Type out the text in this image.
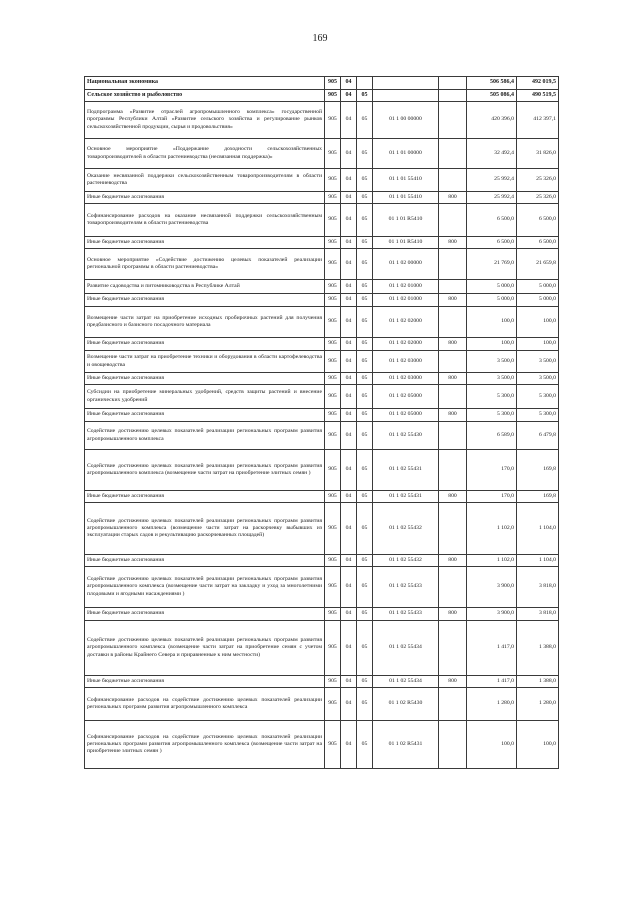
169
Национальная экономика	905	04				506 586,4	492 019,5
Сельское хозяйство и рыболовство	905	04	05			505 086,4	490 519,5
Подпрограмма «Развитие отраслей агропромышленного комплекса» государственной программы Республики Алтай «Развитие сельского хозяйства и регулирование рынков сельскохозяйственной продукции, сырья и продовольствия»	905	04	05	01 1 00 00000		420 396,0	412 397,1
Основное мероприятие «Поддержание доходности сельскохозяйственных товаропроизводителей в области растениеводства (несвязанная поддержка)»	905	04	05	01 1 01 00000		32 492,4	31 826,0
Оказание несвязанной поддержки сельскохозяйственным товаропроизводителям в области растениеводства	905	04	05	01 1 01 55410		25 992,4	25 326,0
Иные бюджетные ассигнования	905	04	05	01 1 01 55410	800	25 992,4	25 326,0
Софинансирование расходов на оказание несвязанной поддержки сельскохозяйственным товаропроизводителям в области растениеводства	905	04	05	01 1 01 R5410		6 500,0	6 500,0
Иные бюджетные ассигнования	905	04	05	01 1 01 R5410	800	6 500,0	6 500,0
Основное мероприятие «Содействие достижению целевых показателей реализации региональной программы в области растениеводства»	905	04	05	01 1 02 00000		21 769,0	21 659,8
Развитие садоводства и питомниководства в Республике Алтай	905	04	05	01 1 02 01000		5 000,0	5 000,0
Иные бюджетные ассигнования	905	04	05	01 1 02 01000	800	5 000,0	5 000,0
Возмещение части затрат на приобретение исходных пробирочных растений для получения предбазисного и базисного посадочного материала	905	04	05	01 1 02 02000		100,0	100,0
Иные бюджетные ассигнования	905	04	05	01 1 02 02000	800	100,0	100,0
Возмещение части затрат на приобретение техники и оборудования в области картофелеводства и овощеводства	905	04	05	01 1 02 03000		3 500,0	3 500,0
Иные бюджетные ассигнования	905	04	05	01 1 02 03000	800	3 500,0	3 500,0
Субсидии на приобретение минеральных удобрений, средств защиты растений и внесение органических удобрений	905	04	05	01 1 02 05000		5 300,0	5 300,0
Иные бюджетные ассигнования	905	04	05	01 1 02 05000	800	5 300,0	5 300,0
Содействие достижению целевых показателей реализации региональных программ развития агропромышленного комплекса	905	04	05	01 1 02 55430		6 589,0	6 479,8
Содействие достижению целевых показателей реализации региональных программ развития агропромышленного комплекса (возмещение части затрат на приобретение элитных семян )	905	04	05	01 1 02 55431		170,0	169,8
Иные бюджетные ассигнования	905	04	05	01 1 02 55431	800	170,0	169,8
Содействие достижению целевых показателей реализации региональных программ развития агропромышленного комплекса (возмещение части затрат на раскорчевку выбывших из эксплуатации старых садов и рекультивацию раскорчеванных площадей)	905	04	05	01 1 02 55432		1 102,0	1 104,0
Иные бюджетные ассигнования	905	04	05	01 1 02 55432	800	1 102,0	1 104,0
Содействие достижению целевых показателей реализации региональных программ развития агропромышленного комплекса (возмещение части затрат на закладку и уход за многолетними плодовыми и ягодными насаждениями )	905	04	05	01 1 02 55433		3 900,0	3 818,0
Иные бюджетные ассигнования	905	04	05	01 1 02 55433	800	3 900,0	3 818,0
Содействие достижению целевых показателей реализации региональных программ развития агропромышленного комплекса (возмещение части затрат на приобретение семян с учетом доставки в районы Крайнего Севера и приравненные к ним местности)	905	04	05	01 1 02 55434		1 417,0	1 388,0
Иные бюджетные ассигнования	905	04	05	01 1 02 55434	800	1 417,0	1 388,0
Софинансирование расходов на содействие достижению целевых показателей реализации региональных программ развития агропромышленного комплекса	905	04	05	01 1 02 R5430		1 280,0	1 280,0
Софинансирование расходов на содействие достижению целевых показателей реализации региональных программ развития агропромышленного комплекса (возмещение части затрат на приобретение элитных семян )	905	04	05	01 1 02 R5431		100,0	100,0
